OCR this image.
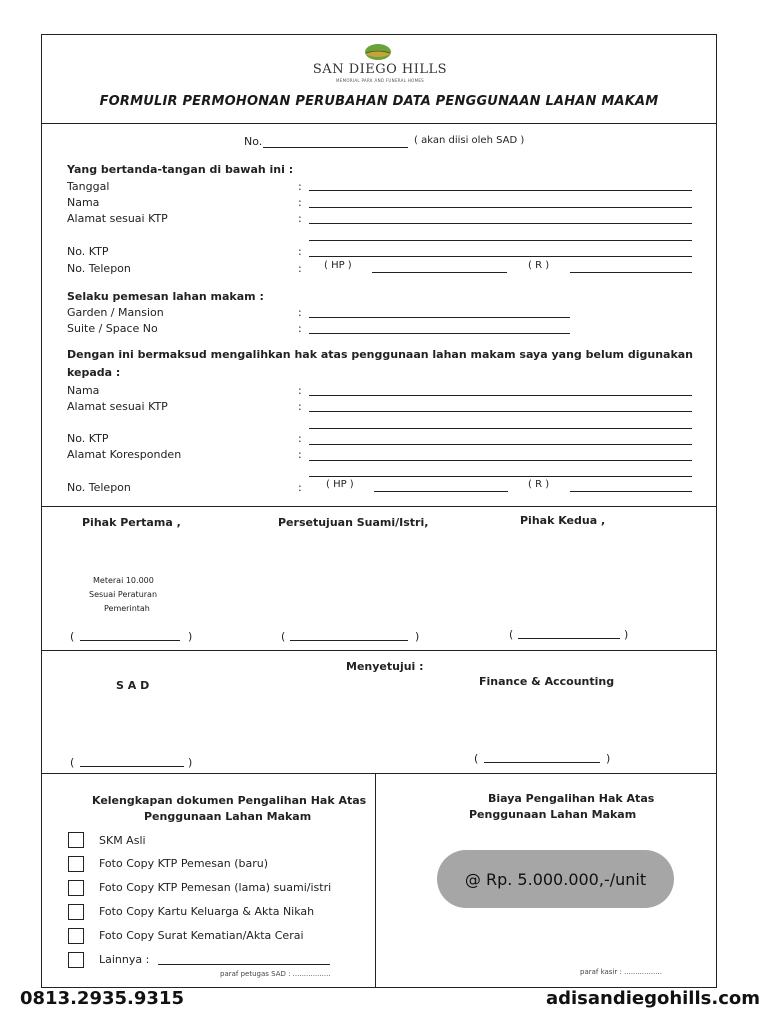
SAN DIEGO HILLS
MEMORIAL PARK AND FUNERAL HOMES
FORMULIR PERMOHONAN PERUBAHAN DATA PENGGUNAAN LAHAN MAKAM
No.	( akan diisi oleh SAD )
Yang bertanda-tangan di bawah ini :
Tanggal	:
Nama	:
Alamat sesuai KTP	:
No. KTP	:
No. Telepon	: ( HP )	( R )
Selaku pemesan lahan makam :
Garden / Mansion	:
Suite / Space No	:
Dengan ini bermaksud mengalihkan hak atas penggunaan lahan makam saya yang belum digunakan
kepada :
Nama	:
Alamat sesuai KTP	:
No. KTP	:
Alamat Koresponden	:
No. Telepon	: ( HP )	( R )
Pihak Pertama ,	Persetujuan Suami/Istri,	Pihak Kedua ,
Meterai 10.000
Sesuai Peraturan
Pemerintah
(	)	(	)	(	)
Menyetujui :
S A D	Finance & Accounting
(	)	(	)
Kelengkapan dokumen Pengalihan Hak Atas
Penggunaan Lahan Makam
SKM Asli
Foto Copy KTP Pemesan (baru)
Foto Copy KTP Pemesan (lama) suami/istri
Foto Copy Kartu Keluarga & Akta Nikah
Foto Copy Surat Kematian/Akta Cerai
Lainnya :
paraf petugas SAD : .................
Biaya Pengalihan Hak Atas
Penggunaan Lahan Makam
@ Rp. 5.000.000,-/unit
paraf kasir : .................
0813.2935.9315	adisandiegohills.com
